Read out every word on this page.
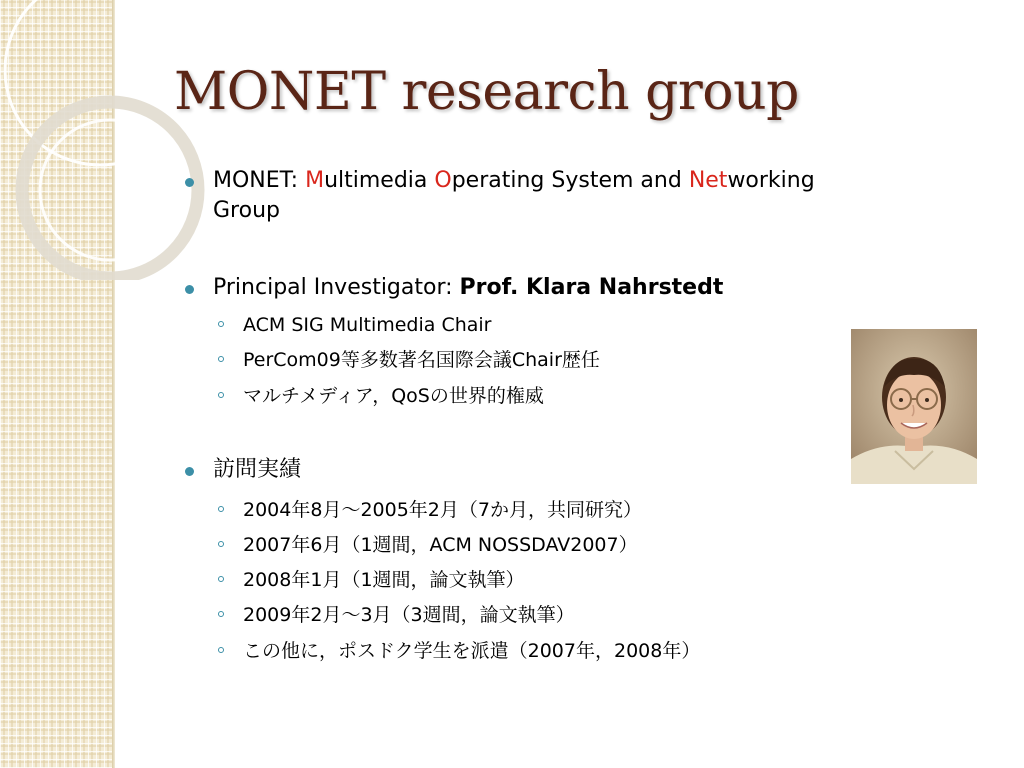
MONET research group
MONET: Multimedia Operating System and Networking
Group
Principal Investigator: Prof. Klara Nahrstedt
ACM SIG Multimedia Chair
PerCom09等多数著名国際会議Chair歴任
マルチメディア，QoSの世界的権威
訪問実績
2004年8月～2005年2月（7か月，共同研究）
2007年6月（1週間，ACM NOSSDAV2007）
2008年1月（1週間，論文執筆）
2009年2月～3月（3週間，論文執筆）
この他に，ポスドク学生を派遣（2007年，2008年）
